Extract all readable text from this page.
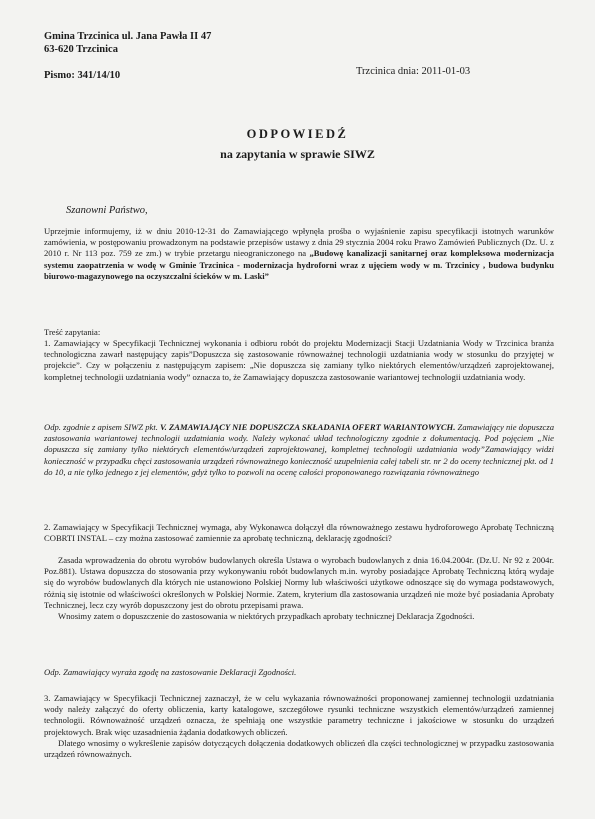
Gmina Trzcinica ul. Jana Pawła II 47
63-620 Trzcinica
Pismo: 341/14/10	Trzcinica dnia: 2011-01-03
ODPOWIEDŹ
na zapytania w sprawie SIWZ
Szanowni Państwo,
Uprzejmie informujemy, iż w dniu 2010-12-31 do Zamawiającego wpłynęła prośba o wyjaśnienie zapisu specyfikacji istotnych warunków zamówienia, w postępowaniu prowadzonym na podstawie przepisów ustawy z dnia 29 stycznia 2004 roku Prawo Zamówień Publicznych (Dz. U. z 2010 r. Nr 113 poz. 759 ze zm.) w trybie przetargu nieograniczonego na „Budowę kanalizacji sanitarnej oraz kompleksowa modernizacja systemu zaopatrzenia w wodę w Gminie Trzcinica - modernizacja hydroforni wraz z ujęciem wody w m. Trzcinicy , budowa budynku biurowo-magazynowego na oczyszczalni ścieków w m. Laski”
Treść zapytania:
1. Zamawiający w Specyfikacji Technicznej wykonania i odbioru robót do projektu Modernizacji Stacji Uzdatniania Wody w Trzcinica branża technologiczna zawarł następujący zapis”Dopuszcza się zastosowanie równoważnej technologii uzdatniania wody w stosunku do przyjętej w projekcie”. Czy w połączeniu z następującym zapisem: „Nie dopuszcza się zamiany tylko niektórych elementów/urządzeń zaprojektowanej, kompletnej technologii uzdatniania wody” oznacza to, że Zamawiający dopuszcza zastosowanie wariantowej technologii uzdatniania wody.
Odp. zgodnie z apisem SIWZ pkt. V. ZAMAWIAJĄCY NIE DOPUSZCZA SKŁADANIA OFERT WARIANTOWYCH. Zamawiający nie dopuszcza zastosowania wariantowej technologii uzdatniania wody. Należy wykonać układ technologiczny zgodnie z dokumentacją. Pod pojęciem „Nie dopuszcza się zamiany tylko niektórych elementów/urządzeń zaprojektowanej, kompletnej technologii uzdatniania wody”Zamawiający widzi konieczność w przypadku chęci zastosowania urządzeń równoważnego konieczność uzupełnienia całej tabeli str. nr 2 do oceny technicznej pkt. od 1 do 10, a nie tylko jednego z jej elementów, gdyż tylko to pozwoli na ocenę całości proponowanego rozwiązania równoważnego
2. Zamawiający w Specyfikacji Technicznej wymaga, aby Wykonawca dołączył dla równoważnego zestawu hydroforowego Aprobatę Techniczną COBRTI INSTAL – czy można zastosować zamiennie za aprobatę techniczną, deklarację zgodności?

Zasada wprowadzenia do obrotu wyrobów budowlanych określa Ustawa o wyrobach budowlanych z dnia 16.04.2004r. (Dz.U. Nr 92 z 2004r. Poz.881). Ustawa dopuszcza do stosowania przy wykonywaniu robót budowlanych m.in. wyroby posiadające Aprobatę Techniczną którą wydaje się do wyrobów budowlanych dla których nie ustanowiono Polskiej Normy lub właściwości użytkowe odnoszące się do wymaga podstawowych, różnią się istotnie od właściwości określonych w Polskiej Normie. Zatem, kryterium dla zastosowania urządzeń nie może być posiadania Aprobaty Technicznej, lecz czy wyrób dopuszczony jest do obrotu przepisami prawa.

Wnosimy zatem o dopuszczenie do zastosowania w niektórych przypadkach aprobaty technicznej Deklaracja Zgodności.

Odp. Zamawiający wyraża zgodę na zastosowanie Deklaracji Zgodności.

3. Zamawiający w Specyfikacji Technicznej zaznaczył, że w celu wykazania równoważności proponowanej zamiennej technologii uzdatniania wody należy załączyć do oferty obliczenia, karty katalogowe, szczegółowe rysunki techniczne wszystkich elementów/urządzeń zamiennej technologii. Równoważność urządzeń oznacza, że spełniają one wszystkie parametry techniczne i jakościowe w stosunku do urządzeń projektowych. Brak więc uzasadnienia żądania dodatkowych obliczeń.

Dlatego wnosimy o wykreślenie zapisów dotyczących dołączenia dodatkowych obliczeń dla części technologicznej w przypadku zastosowania urządzeń równoważnych.
